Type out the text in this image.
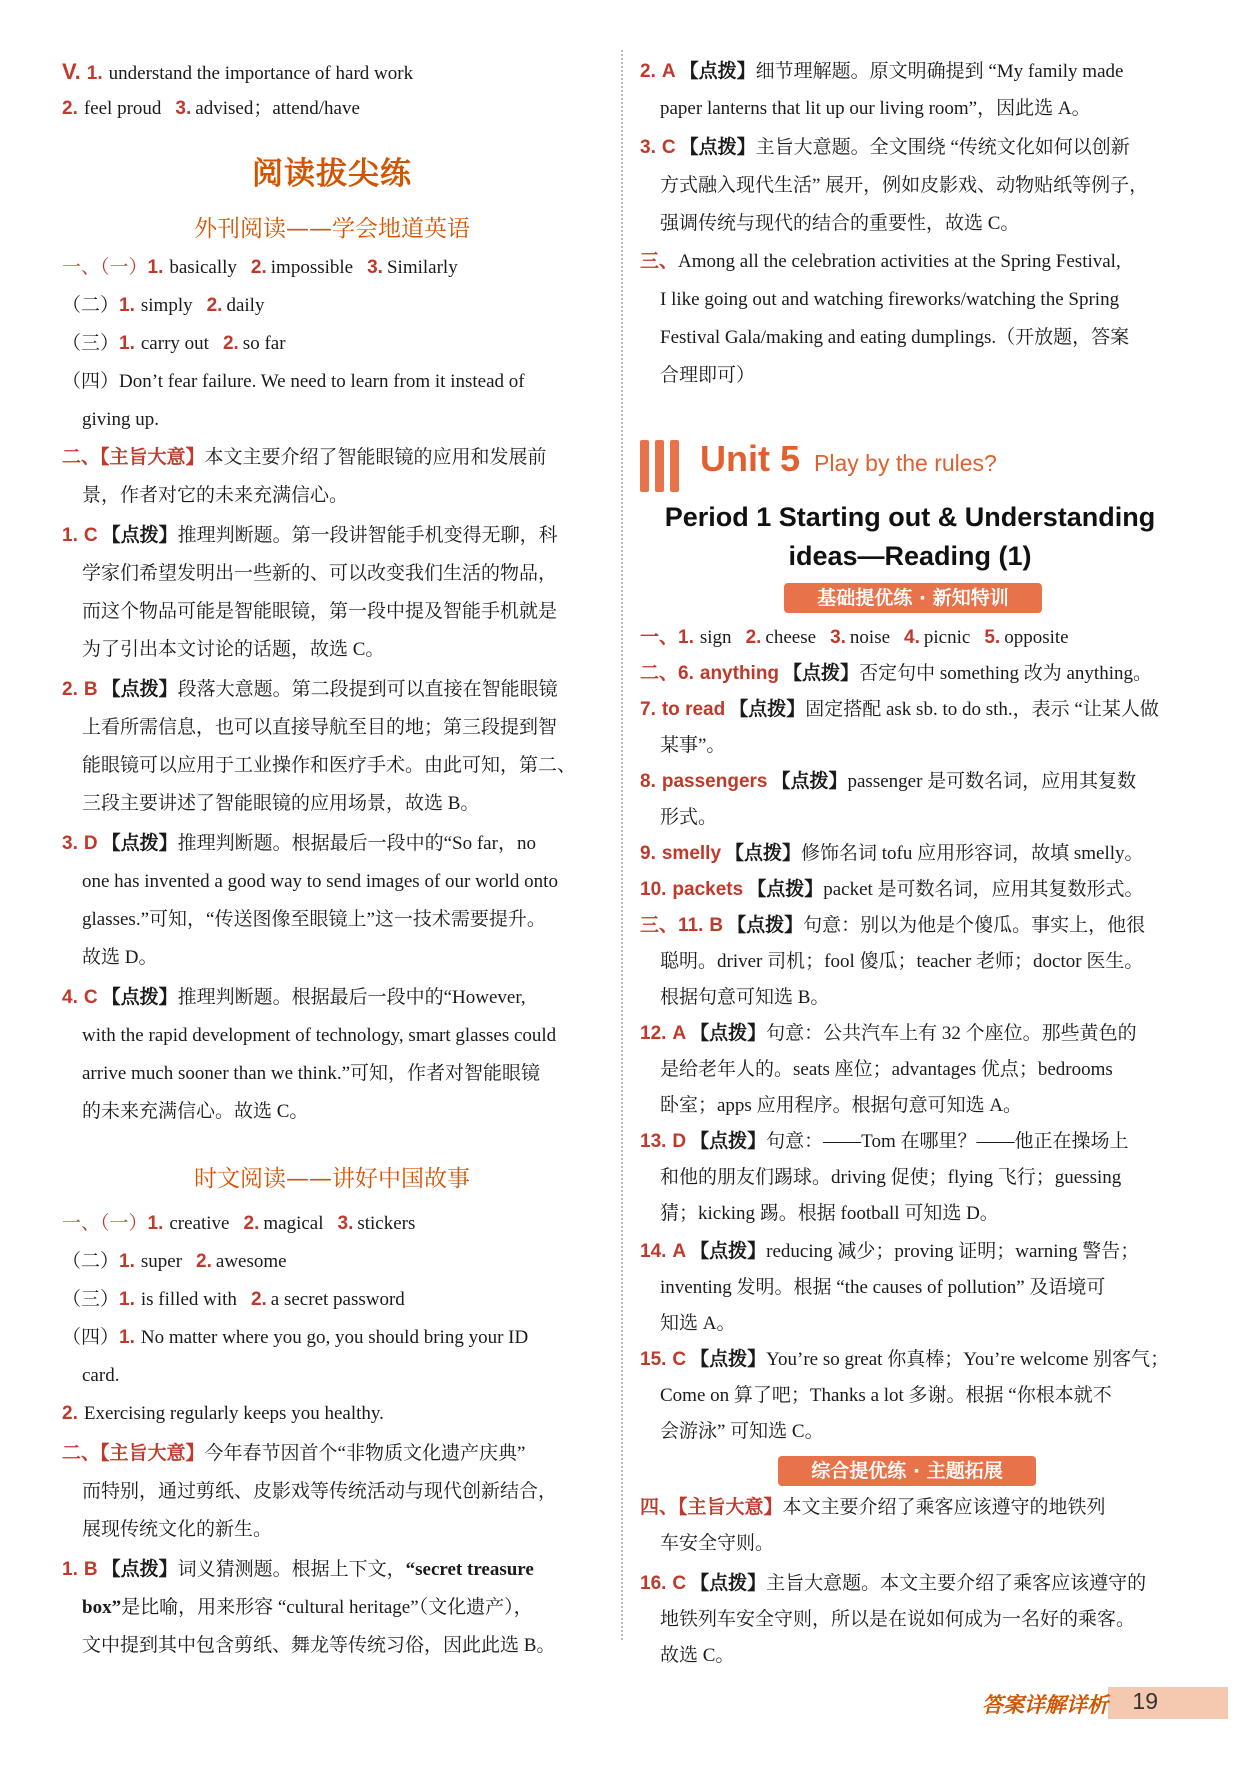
V. 1. understand the importance of hard work
2. feel proud 3. advised；attend/have
阅读拔尖练
外刊阅读——学会地道英语
一、（一）1. basically 2. impossible 3. Similarly
（二）1. simply 2. daily
（三）1. carry out 2. so far
（四）Don’t fear failure. We need to learn from it instead of
giving up.
二、【主旨大意】本文主要介绍了智能眼镜的应用和发展前
景，作者对它的未来充满信心。
1. C 【点拨】推理判断题。第一段讲智能手机变得无聊，科
学家们希望发明出一些新的、可以改变我们生活的物品，
而这个物品可能是智能眼镜，第一段中提及智能手机就是
为了引出本文讨论的话题，故选 C。
2. B 【点拨】段落大意题。第二段提到可以直接在智能眼镜
上看所需信息，也可以直接导航至目的地；第三段提到智
能眼镜可以应用于工业操作和医疗手术。由此可知，第二、
三段主要讲述了智能眼镜的应用场景，故选 B。
3. D 【点拨】推理判断题。根据最后一段中的“So far，no
one has invented a good way to send images of our world onto
glasses.”可知，“传送图像至眼镜上”这一技术需要提升。
故选 D。
4. C 【点拨】推理判断题。根据最后一段中的“However,
with the rapid development of technology, smart glasses could
arrive much sooner than we think.”可知，作者对智能眼镜
的未来充满信心。故选 C。
时文阅读——讲好中国故事
一、（一）1. creative 2. magical 3. stickers
（二）1. super 2. awesome
（三）1. is filled with 2. a secret password
（四）1. No matter where you go, you should bring your ID
card.
2. Exercising regularly keeps you healthy.
二、【主旨大意】今年春节因首个“非物质文化遗产庆典”
而特别，通过剪纸、皮影戏等传统活动与现代创新结合，
展现传统文化的新生。
1. B 【点拨】词义猜测题。根据上下文，“secret treasure
box”是比喻，用来形容 “cultural heritage”（文化遗产），
文中提到其中包含剪纸、舞龙等传统习俗，因此此选 B。
2. A 【点拨】细节理解题。原文明确提到 “My family made
paper lanterns that lit up our living room”，因此选 A。
3. C 【点拨】主旨大意题。全文围绕 “传统文化如何以创新
方式融入现代生活” 展开，例如皮影戏、动物贴纸等例子，
强调传统与现代的结合的重要性，故选 C。
三、Among all the celebration activities at the Spring Festival,
I like going out and watching fireworks/watching the Spring
Festival Gala/making and eating dumplings.（开放题，答案
合理即可）
Unit 5 Play by the rules?
Period 1 Starting out & Understanding
ideas—Reading (1)
基础提优练 · 新知特训
一、1. sign 2. cheese 3. noise 4. picnic 5. opposite
二、6. anything 【点拨】否定句中 something 改为 anything。
7. to read 【点拨】固定搭配 ask sb. to do sth.，表示 “让某人做
某事”。
8. passengers 【点拨】passenger 是可数名词，应用其复数
形式。
9. smelly 【点拨】修饰名词 tofu 应用形容词，故填 smelly。
10. packets 【点拨】packet 是可数名词，应用其复数形式。
三、11. B 【点拨】句意：别以为他是个傻瓜。事实上，他很
聪明。driver 司机；fool 傻瓜；teacher 老师；doctor 医生。
根据句意可知选 B。
12. A 【点拨】句意：公共汽车上有 32 个座位。那些黄色的
是给老年人的。seats 座位；advantages 优点；bedrooms
卧室；apps 应用程序。根据句意可知选 A。
13. D 【点拨】句意：——Tom 在哪里？——他正在操场上
和他的朋友们踢球。driving 促使；flying 飞行；guessing
猜；kicking 踢。根据 football 可知选 D。
14. A 【点拨】reducing 减少；proving 证明；warning 警告；
inventing 发明。根据 “the causes of pollution” 及语境可
知选 A。
15. C 【点拨】You’re so great 你真棒；You’re welcome 别客气；
Come on 算了吧；Thanks a lot 多谢。根据 “你根本就不
会游泳” 可知选 C。
四、【主旨大意】本文主要介绍了乘客应该遵守的地铁列
车安全守则。
16. C 【点拨】主旨大意题。本文主要介绍了乘客应该遵守的
地铁列车安全守则，所以是在说如何成为一名好的乘客。
故选 C。
综合提优练 · 主题拓展
答案详解详析 19
